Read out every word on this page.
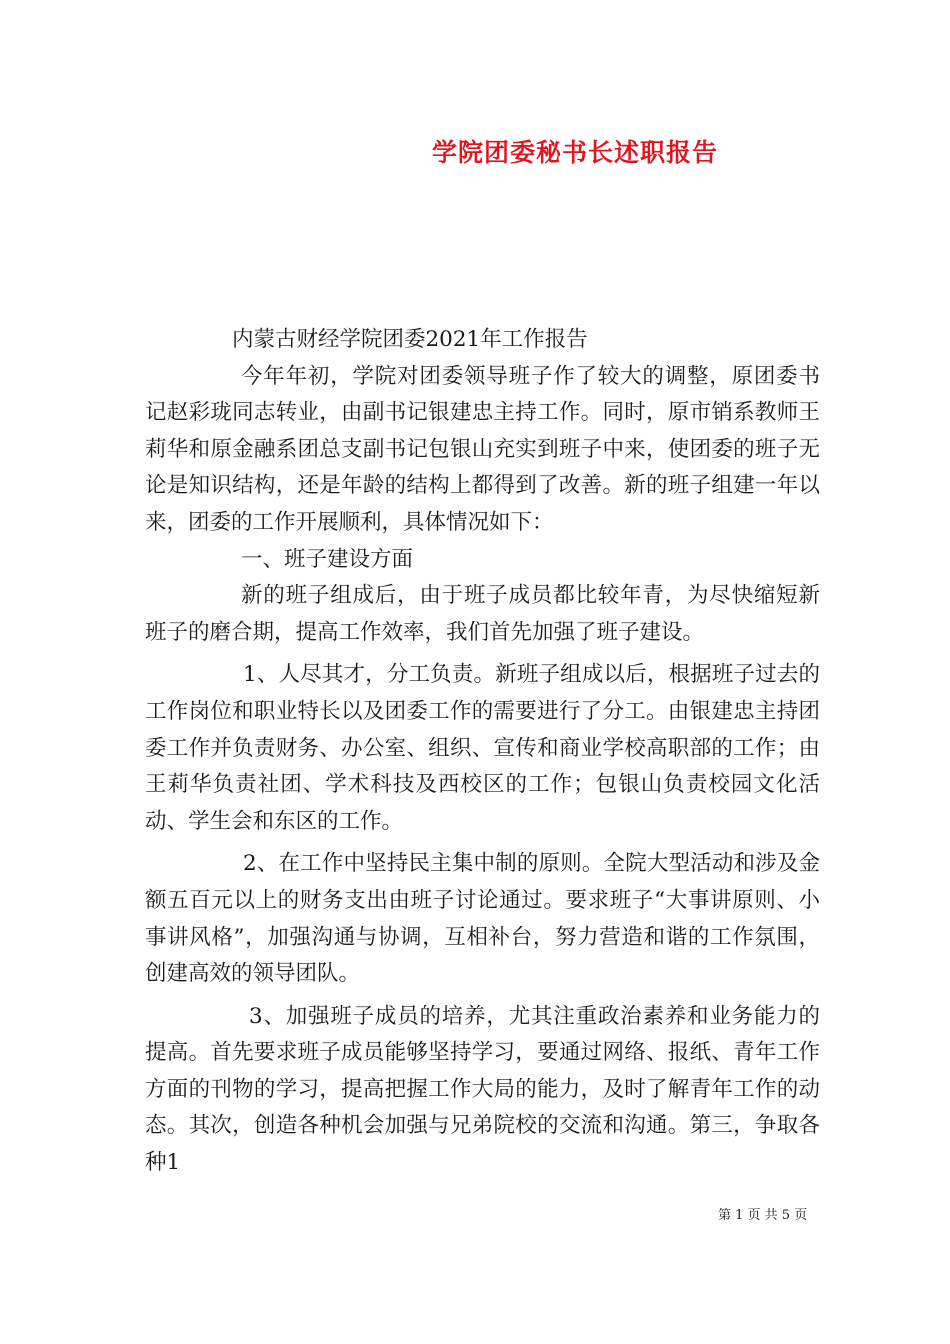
学院团委秘书长述职报告

内蒙古财经学院团委2021年工作报告

今年年初，学院对团委领导班子作了较大的调整，原团委书记赵彩珑同志转业，由副书记银建忠主持工作。同时，原市销系教师王莉华和原金融系团总支副书记包银山充实到班子中来，使团委的班子无论是知识结构，还是年龄的结构上都得到了改善。新的班子组建一年以来，团委的工作开展顺利，具体情况如下：

一、班子建设方面

新的班子组成后，由于班子成员都比较年青，为尽快缩短新班子的磨合期，提高工作效率，我们首先加强了班子建设。

1、人尽其才，分工负责。新班子组成以后，根据班子过去的工作岗位和职业特长以及团委工作的需要进行了分工。由银建忠主持团委工作并负责财务、办公室、组织、宣传和商业学校高职部的工作；由王莉华负责社团、学术科技及西校区的工作；包银山负责校园文化活动、学生会和东区的工作。

2、在工作中坚持民主集中制的原则。全院大型活动和涉及金额五百元以上的财务支出由班子讨论通过。要求班子“大事讲原则、小事讲风格”，加强沟通与协调，互相补台，努力营造和谐的工作氛围，创建高效的领导团队。

3、加强班子成员的培养，尤其注重政治素养和业务能力的提高。首先要求班子成员能够坚持学习，要通过网络、报纸、青年工作方面的刊物的学习，提高把握工作大局的能力，及时了解青年工作的动态。其次，创造各种机会加强与兄弟院校的交流和沟通。第三，争取各种1

第 1 页 共 5 页
